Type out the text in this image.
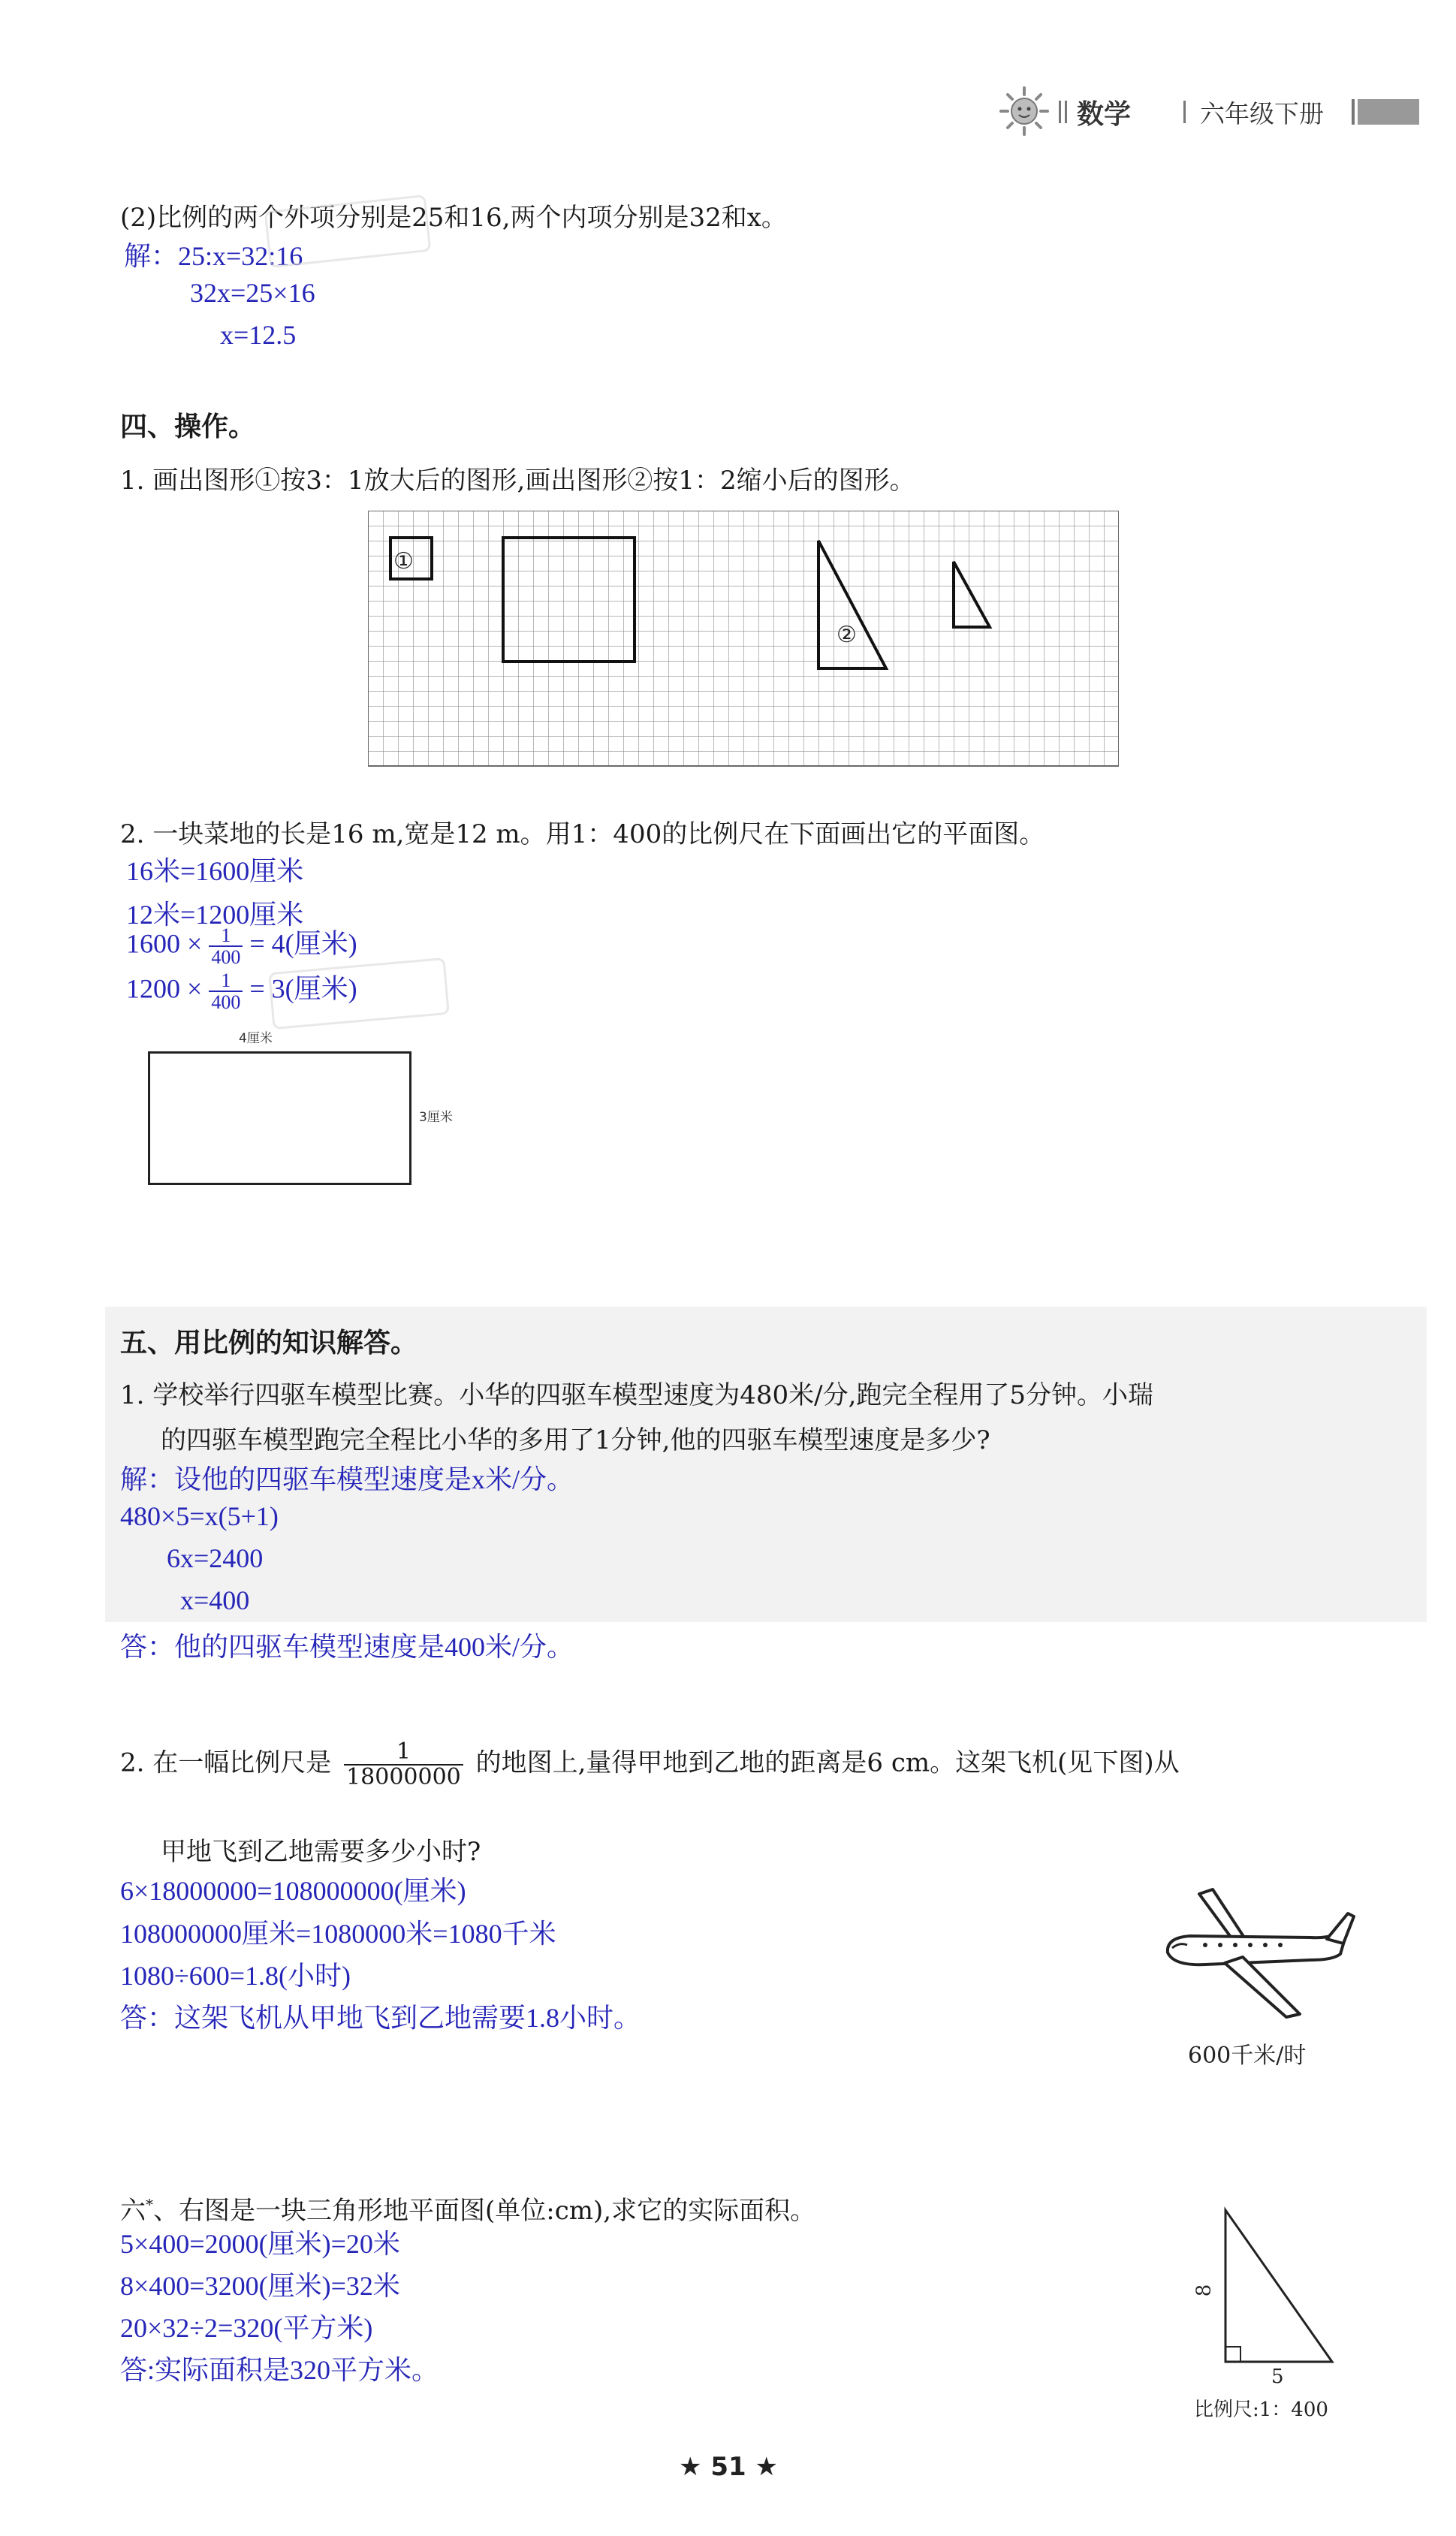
数学	六年级下册
(2)比例的两个外项分别是25和16,两个内项分别是32和x。
解：25:x=32:16
32x=25×16
x=12.5
四、操作。
1. 画出图形①按3：1放大后的图形,画出图形②按1：2缩小后的图形。
①
②
2. 一块菜地的长是16 m,宽是12 m。用1：400的比例尺在下面画出它的平面图。
16米=1600厘米
12米=1200厘米
$1600 \times \frac{1}{400} = 4$(厘米)
$1200 \times \frac{1}{400} = 3$(厘米)
4厘米
3厘米
五、用比例的知识解答。
1. 学校举行四驱车模型比赛。小华的四驱车模型速度为480米/分,跑完全程用了5分钟。小瑞
的四驱车模型跑完全程比小华的多用了1分钟,他的四驱车模型速度是多少?
解：设他的四驱车模型速度是x米/分。
480×5=x(5+1)
6x=2400
x=400
答：他的四驱车模型速度是400米/分。
2. 在一幅比例尺是 $\frac{1}{18000000}$ 的地图上,量得甲地到乙地的距离是6 cm。这架飞机(见下图)从
甲地飞到乙地需要多少小时?
6×18000000=108000000(厘米)
108000000厘米=1080000米=1080千米
1080÷600=1.8(小时)
答：这架飞机从甲地飞到乙地需要1.8小时。
600千米/时
六*、右图是一块三角形地平面图(单位:cm),求它的实际面积。
5×400=2000(厘米)=20米
8×400=3200(厘米)=32米
20×32÷2=320(平方米)
答:实际面积是320平方米。
8
5
比例尺:1：400
★ 51 ★
